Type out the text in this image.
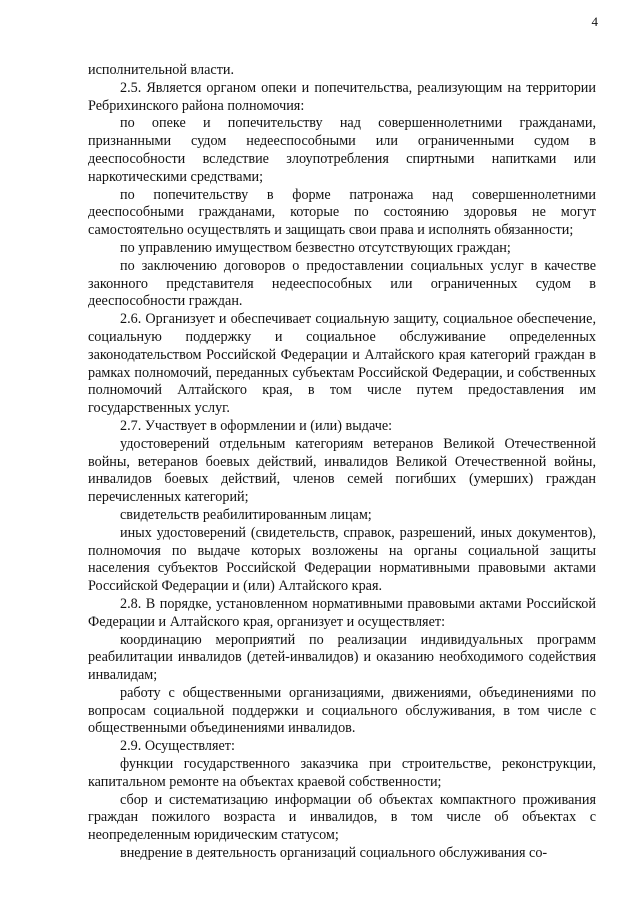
4

исполнительной власти.

2.5. Является органом опеки и попечительства, реализующим на территории Ребрихинского района полномочия:

по опеке и попечительству над совершеннолетними гражданами, признанными судом недееспособными или ограниченными судом в дееспособности вследствие злоупотребления спиртными напитками или наркотическими средствами;

по попечительству в форме патронажа над совершеннолетними дееспособными гражданами, которые по состоянию здоровья не могут самостоятельно осуществлять и защищать свои права и исполнять обязанности;

по управлению имуществом безвестно отсутствующих граждан;

по заключению договоров о предоставлении социальных услуг в качестве законного представителя недееспособных или ограниченных судом в дееспособности граждан.

2.6. Организует и обеспечивает социальную защиту, социальное обеспечение, социальную поддержку и социальное обслуживание определенных законодательством Российской Федерации и Алтайского края категорий граждан в рамках полномочий, переданных субъектам Российской Федерации, и собственных полномочий Алтайского края, в том числе путем предоставления им государственных услуг.

2.7. Участвует в оформлении и (или) выдаче:

удостоверений отдельным категориям ветеранов Великой Отечественной войны, ветеранов боевых действий, инвалидов Великой Отечественной войны, инвалидов боевых действий, членов семей погибших (умерших) граждан перечисленных категорий;

свидетельств реабилитированным лицам;

иных удостоверений (свидетельств, справок, разрешений, иных документов), полномочия по выдаче которых возложены на органы социальной защиты населения субъектов Российской Федерации нормативными правовыми актами Российской Федерации и (или) Алтайского края.

2.8. В порядке, установленном нормативными правовыми актами Российской Федерации и Алтайского края, организует и осуществляет:

координацию мероприятий по реализации индивидуальных программ реабилитации инвалидов (детей-инвалидов) и оказанию необходимого содействия инвалидам;

работу с общественными организациями, движениями, объединениями по вопросам социальной поддержки и социального обслуживания, в том числе с общественными объединениями инвалидов.

2.9. Осуществляет:

функции государственного заказчика при строительстве, реконструкции, капитальном ремонте на объектах краевой собственности;

сбор и систематизацию информации об объектах компактного проживания граждан пожилого возраста и инвалидов, в том числе об объектах с неопределенным юридическим статусом;

внедрение в деятельность организаций социального обслуживания со-
